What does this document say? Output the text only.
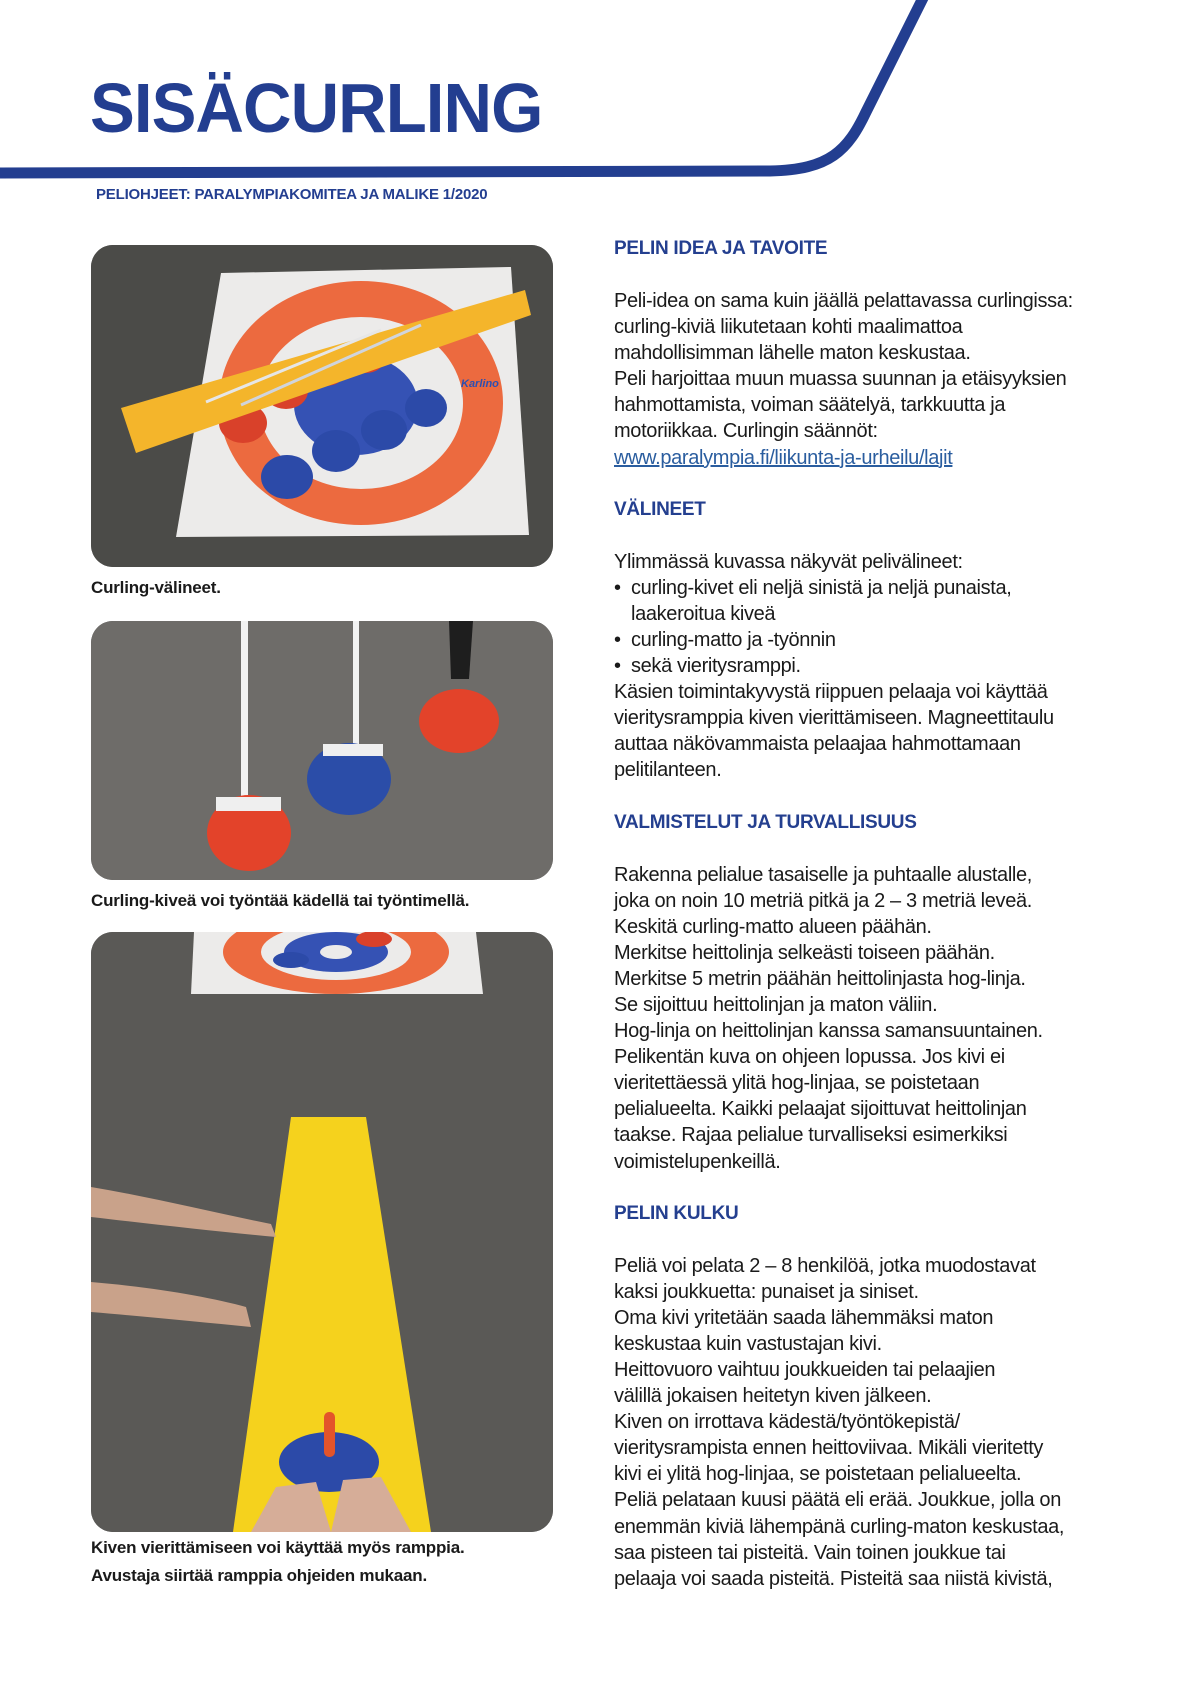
SISÄCURLING
PELIOHJEET: PARALYMPIAKOMITEA JA MALIKE 1/2020
Karlino
Curling-välineet.
Curling-kiveä voi työntää kädellä tai työntimellä.
Kiven vierittämiseen voi käyttää myös ramppia.
Avustaja siirtää ramppia ohjeiden mukaan.
PELIN IDEA JA TAVOITE
Peli-idea on sama kuin jäällä pelattavassa curlingissa:
curling-kiviä liikutetaan kohti maalimattoa
mahdollisimman lähelle maton keskustaa.
Peli harjoittaa muun muassa suunnan ja etäisyyksien
hahmottamista, voiman säätelyä, tarkkuutta ja
motoriikkaa. Curlingin säännöt:
www.paralympia.fi/liikunta-ja-urheilu/lajit
VÄLINEET
Ylimmässä kuvassa näkyvät pelivälineet:
• curling-kivet eli neljä sinistä ja neljä punaista,
laakeroitua kiveä
• curling-matto ja -työnnin
• sekä vieritysramppi.
Käsien toimintakyvystä riippuen pelaaja voi käyttää
vieritysramppia kiven vierittämiseen. Magneettitaulu
auttaa näkövammaista pelaajaa hahmottamaan
pelitilanteen.
VALMISTELUT JA TURVALLISUUS
Rakenna pelialue tasaiselle ja puhtaalle alustalle,
joka on noin 10 metriä pitkä ja 2 – 3 metriä leveä.
Keskitä curling-matto alueen päähän.
Merkitse heittolinja selkeästi toiseen päähän.
Merkitse 5 metrin päähän heittolinjasta hog-linja.
Se sijoittuu heittolinjan ja maton väliin.
Hog-linja on heittolinjan kanssa samansuuntainen.
Pelikentän kuva on ohjeen lopussa. Jos kivi ei
vieritettäessä ylitä hog-linjaa, se poistetaan
pelialueelta. Kaikki pelaajat sijoittuvat heittolinjan
taakse. Rajaa pelialue turvalliseksi esimerkiksi
voimistelupenkeillä.
PELIN KULKU
Peliä voi pelata 2 – 8 henkilöä, jotka muodostavat
kaksi joukkuetta: punaiset ja siniset.
Oma kivi yritetään saada lähemmäksi maton
keskustaa kuin vastustajan kivi.
Heittovuoro vaihtuu joukkueiden tai pelaajien
välillä jokaisen heitetyn kiven jälkeen.
Kiven on irrottava kädestä/työntökepistä/
vieritysrampista ennen heittoviivaa. Mikäli vieritetty
kivi ei ylitä hog-linjaa, se poistetaan pelialueelta.
Peliä pelataan kuusi päätä eli erää. Joukkue, jolla on
enemmän kiviä lähempänä curling-maton keskustaa,
saa pisteen tai pisteitä. Vain toinen joukkue tai
pelaaja voi saada pisteitä. Pisteitä saa niistä kivistä,
